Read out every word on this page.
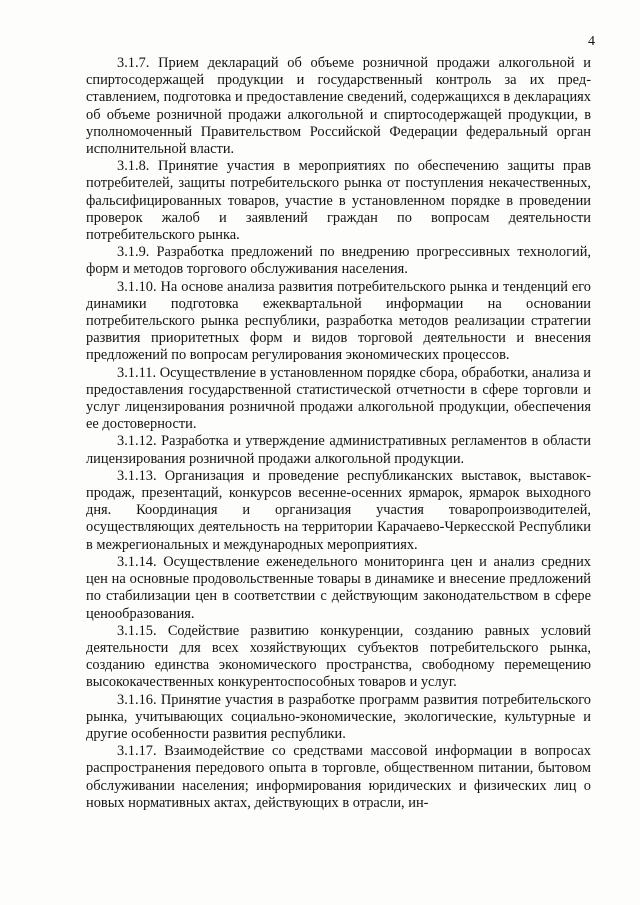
4

3.1.7. Прием деклараций об объеме розничной продажи алкогольной и спиртосодержащей продукции и государственный контроль за их представлением, подготовка и предоставление сведений, содержащихся в декларациях об объеме розничной продажи алкогольной и спиртосодержащей продукции, в уполномоченный Правительством Российской Федерации федеральный орган исполнительной власти.

3.1.8. Принятие участия в мероприятиях по обеспечению защиты прав потребителей, защиты потребительского рынка от поступления некачественных, фальсифицированных товаров, участие в установленном порядке в проведении проверок жалоб и заявлений граждан по вопросам деятельности потребительского рынка.

3.1.9. Разработка предложений по внедрению прогрессивных технологий, форм и методов торгового обслуживания населения.

3.1.10. На основе анализа развития потребительского рынка и тенденций его динамики подготовка ежеквартальной информации на основании потребительского рынка республики, разработка методов реализации стратегии развития приоритетных форм и видов торговой деятельности и внесения предложений по вопросам регулирования экономических процессов.

3.1.11. Осуществление в установленном порядке сбора, обработки, анализа и предоставления государственной статистической отчетности в сфере торговли и услуг лицензирования розничной продажи алкогольной продукции, обеспечения ее достоверности.

3.1.12. Разработка и утверждение административных регламентов в области лицензирования розничной продажи алкогольной продукции.

3.1.13. Организация и проведение республиканских выставок, выставок-продаж, презентаций, конкурсов весенне-осенних ярмарок, ярмарок выходного дня. Координация и организация участия товаропроизводителей, осуществляющих деятельность на территории Карачаево-Черкесской Республики в межрегиональных и международных мероприятиях.

3.1.14. Осуществление еженедельного мониторинга цен и анализ средних цен на основные продовольственные товары в динамике и внесение предложений по стабилизации цен в соответствии с действующим законодательством в сфере ценообразования.

3.1.15. Содействие развитию конкуренции, созданию равных условий деятельности для всех хозяйствующих субъектов потребительского рынка, созданию единства экономического пространства, свободному перемещению высококачественных конкурентоспособных товаров и услуг.

3.1.16. Принятие участия в разработке программ развития потребительского рынка, учитывающих социально-экономические, экологические, культурные и другие особенности развития республики.

3.1.17. Взаимодействие со средствами массовой информации в вопросах распространения передового опыта в торговле, общественном питании, бытовом обслуживании населения; информирования юридических и физических лиц о новых нормативных актах, действующих в отрасли, ин-
